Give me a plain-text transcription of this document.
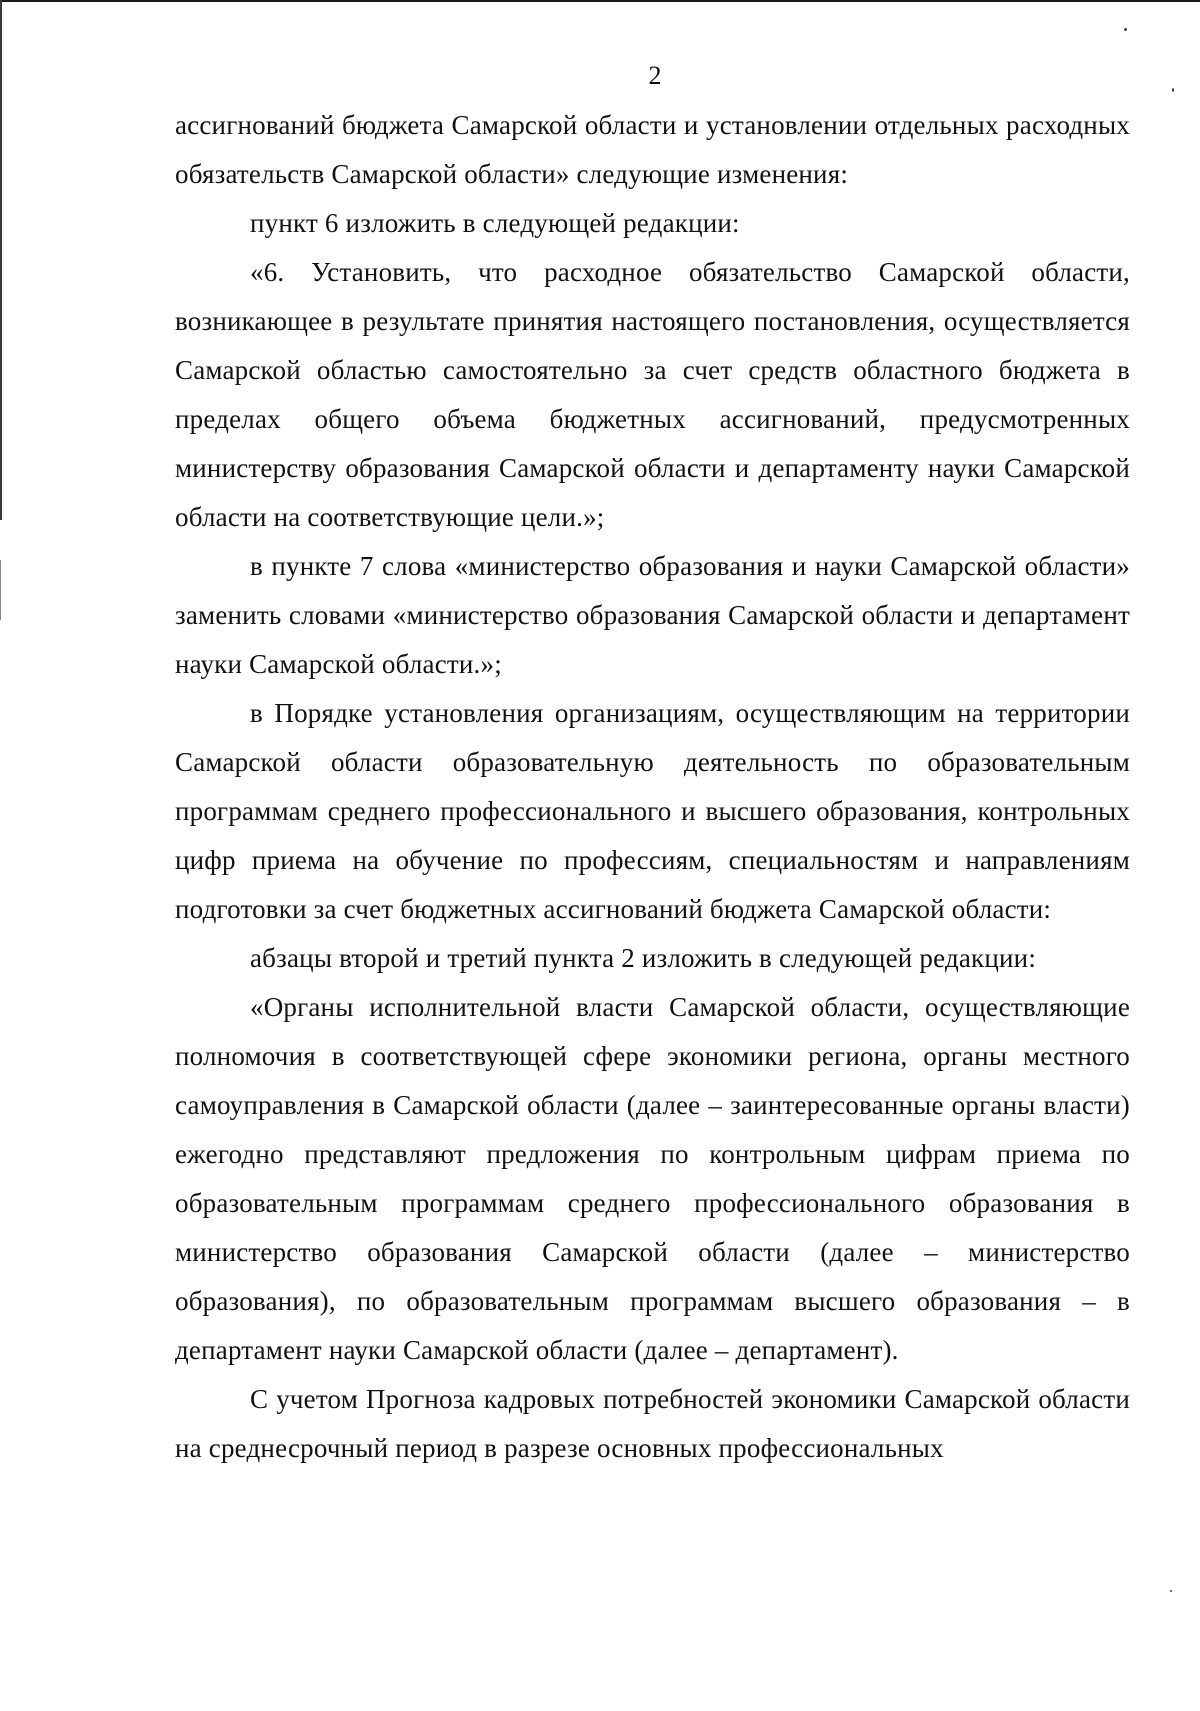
2

ассигнований бюджета Самарской области и установлении отдельных расходных обязательств Самарской области» следующие изменения:

пункт 6 изложить в следующей редакции:

«6. Установить, что расходное обязательство Самарской области, возникающее в результате принятия настоящего постановления, осуществляется Самарской областью самостоятельно за счет средств областного бюджета в пределах общего объема бюджетных ассигнований, предусмотренных министерству образования Самарской области и департаменту науки Самарской области на соответствующие цели.»;

в пункте 7 слова «министерство образования и науки Самарской области» заменить словами «министерство образования Самарской области и департамент науки Самарской области.»;

в Порядке установления организациям, осуществляющим на территории Самарской области образовательную деятельность по образовательным программам среднего профессионального и высшего образования, контрольных цифр приема на обучение по профессиям, специальностям и направлениям подготовки за счет бюджетных ассигнований бюджета Самарской области:

абзацы второй и третий пункта 2 изложить в следующей редакции:

«Органы исполнительной власти Самарской области, осуществляющие полномочия в соответствующей сфере экономики региона, органы местного самоуправления в Самарской области (далее – заинтересованные органы власти) ежегодно представляют предложения по контрольным цифрам приема по образовательным программам среднего профессионального образования в министерство образования Самарской области (далее – министерство образования), по образовательным программам высшего образования – в департамент науки Самарской области (далее – департамент).

С учетом Прогноза кадровых потребностей экономики Самарской области на среднесрочный период в разрезе основных профессиональных
